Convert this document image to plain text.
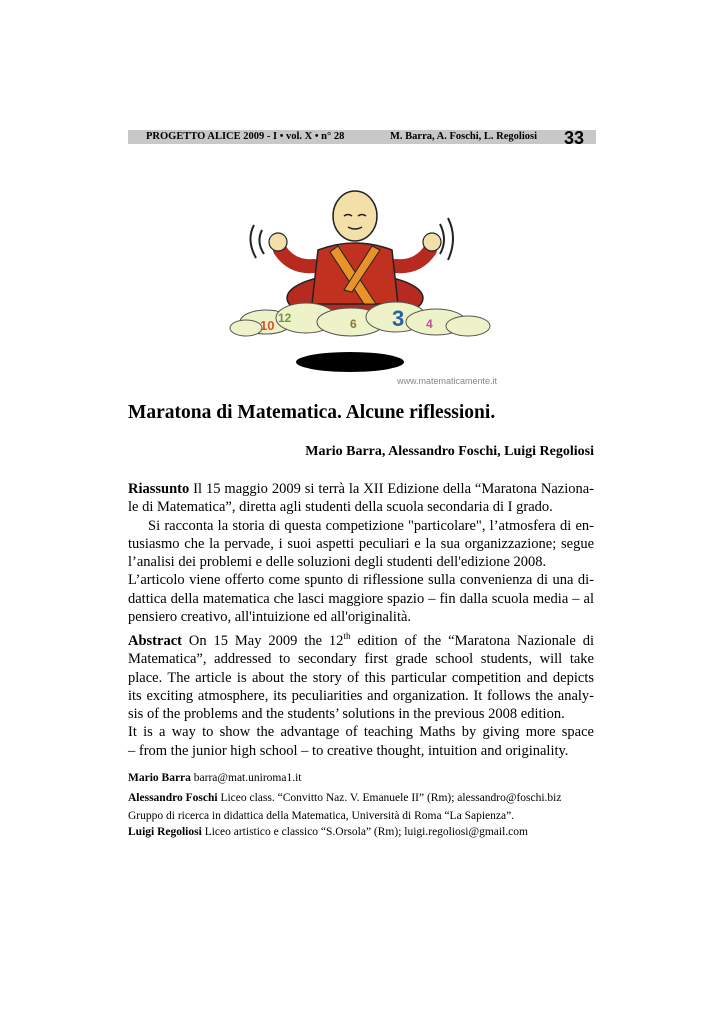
PROGETTO ALICE 2009 - I • vol. X • n° 28	M. Barra, A. Foschi, L. Regoliosi 33
10 12	3
6	4
www.matematicamente.it
Maratona di Matematica. Alcune riflessioni.
Mario Barra, Alessandro Foschi, Luigi Regoliosi
Riassunto Il 15 maggio 2009 si terrà la XII Edizione della “Maratona Naziona-
le di Matematica”, diretta agli studenti della scuola secondaria di I grado.
Si racconta la storia di questa competizione "particolare", l’atmosfera di en-
tusiasmo che la pervade, i suoi aspetti peculiari e la sua organizzazione; segue
l’analisi dei problemi e delle soluzioni degli studenti dell'edizione 2008.
L’articolo viene offerto come spunto di riflessione sulla convenienza di una di-
dattica della matematica che lasci maggiore spazio – fin dalla scuola media – al
pensiero creativo, all'intuizione ed all'originalità.
Abstract On 15 May 2009 the 12th edition of the “Maratona Nazionale di
Matematica”, addressed to secondary first grade school students, will take
place. The article is about the story of this particular competition and depicts
its exciting atmosphere, its peculiarities and organization. It follows the analy-
sis of the problems and the students’ solutions in the previous 2008 edition.
It is a way to show the advantage of teaching Maths by giving more space
– from the junior high school – to creative thought, intuition and originality.
Mario Barra barra@mat.uniroma1.it
Alessandro Foschi Liceo class. “Convitto Naz. V. Emanuele II” (Rm); alessandro@foschi.biz
Gruppo di ricerca in didattica della Matematica, Università di Roma “La Sapienza”.
Luigi Regoliosi Liceo artistico e classico “S.Orsola” (Rm); luigi.regoliosi@gmail.com
